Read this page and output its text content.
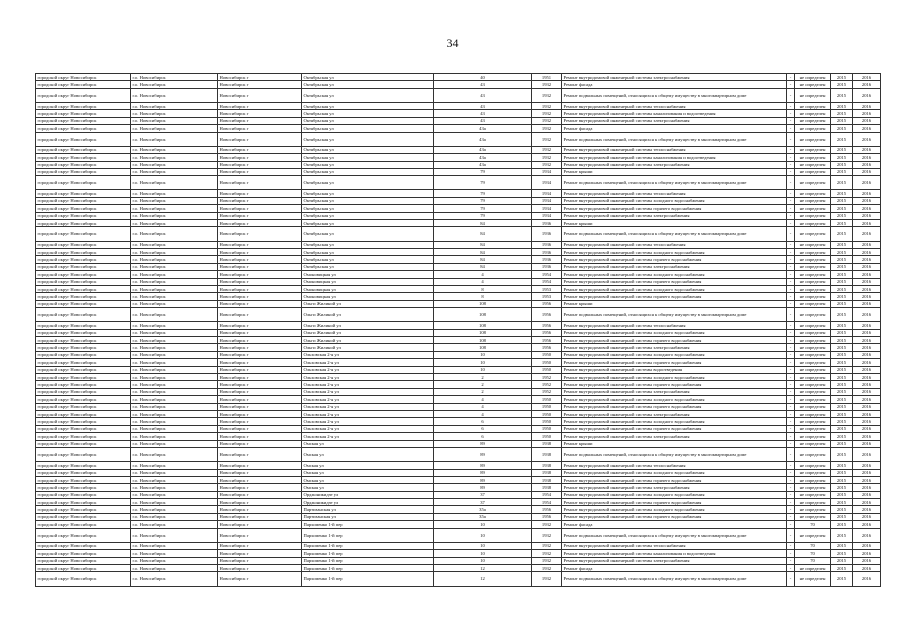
34
городской округ Новосибирск	г.о. Новосибирск	Новосибирск г	Октябрьская ул	40	1951	Ремонт внутридомовой инженерной системы электроснабжения	-	не определен	2015	2016
городской округ Новосибирск	г.о. Новосибирск	Новосибирск г	Октябрьская ул	43	1932	Ремонт фасада	-	не определен	2015	2016
городской округ Новосибирск	г.о. Новосибирск	Новосибирск г	Октябрьская ул	43	1932	Ремонт подвальных помещений, относящихся к общему имуществу в многоквартирном доме	-	не определен	2015	2016
городской округ Новосибирск	г.о. Новосибирск	Новосибирск г	Октябрьская ул	43	1932	Ремонт внутридомовой инженерной системы теплоснабжения	-	не определен	2015	2016
городской округ Новосибирск	г.о. Новосибирск	Новосибирск г	Октябрьская ул	43	1932	Ремонт внутридомовой инженерной системы канализования и водоотведения	-	не определен	2015	2016
городской округ Новосибирск	г.о. Новосибирск	Новосибирск г	Октябрьская ул	43	1932	Ремонт внутридомовой инженерной системы электроснабжения	-	не определен	2015	2016
городской округ Новосибирск	г.о. Новосибирск	Новосибирск г	Октябрьская ул	43а	1932	Ремонт фасада	-	не определен	2015	2016
городской округ Новосибирск	г.о. Новосибирск	Новосибирск г	Октябрьская ул	43а	1932	Ремонт подвальных помещений, относящихся к общему имуществу в многоквартирном доме	-	не определен	2015	2016
городской округ Новосибирск	г.о. Новосибирск	Новосибирск г	Октябрьская ул	43а	1932	Ремонт внутридомовой инженерной системы теплоснабжения	-	не определен	2015	2016
городской округ Новосибирск	г.о. Новосибирск	Новосибирск г	Октябрьская ул	43а	1932	Ремонт внутридомовой инженерной системы канализования и водоотведения	-	не определен	2015	2016
городской округ Новосибирск	г.о. Новосибирск	Новосибирск г	Октябрьская ул	43а	1932	Ремонт внутридомовой инженерной системы электроснабжения	-	не определен	2015	2016
городской округ Новосибирск	г.о. Новосибирск	Новосибирск г	Октябрьская ул	79	1934	Ремонт крыши	-	не определен	2015	2016
городской округ Новосибирск	г.о. Новосибирск	Новосибирск г	Октябрьская ул	79	1934	Ремонт подвальных помещений, относящихся к общему имуществу в многоквартирном доме	-	не определен	2015	2016
городской округ Новосибирск	г.о. Новосибирск	Новосибирск г	Октябрьская ул	79	1934	Ремонт внутридомовой инженерной системы теплоснабжения	-	не определен	2015	2016
городской округ Новосибирск	г.о. Новосибирск	Новосибирск г	Октябрьская ул	79	1934	Ремонт внутридомовой инженерной системы холодного водоснабжения	-	не определен	2015	2016
городской округ Новосибирск	г.о. Новосибирск	Новосибирск г	Октябрьская ул	79	1934	Ремонт внутридомовой инженерной системы горячего водоснабжения	-	не определен	2015	2016
городской округ Новосибирск	г.о. Новосибирск	Новосибирск г	Октябрьская ул	79	1934	Ремонт внутридомовой инженерной системы электроснабжения	-	не определен	2015	2016
городской округ Новосибирск	г.о. Новосибирск	Новосибирск г	Октябрьская ул	84	1936	Ремонт крыши	-	не определен	2015	2016
городской округ Новосибирск	г.о. Новосибирск	Новосибирск г	Октябрьская ул	84	1936	Ремонт подвальных помещений, относящихся к общему имуществу в многоквартирном доме	-	не определен	2015	2016
городской округ Новосибирск	г.о. Новосибирск	Новосибирск г	Октябрьская ул	84	1936	Ремонт внутридомовой инженерной системы теплоснабжения	-	не определен	2015	2016
городской округ Новосибирск	г.о. Новосибирск	Новосибирск г	Октябрьская ул	84	1936	Ремонт внутридомовой инженерной системы холодного водоснабжения	-	не определен	2015	2016
городской округ Новосибирск	г.о. Новосибирск	Новосибирск г	Октябрьская ул	84	1936	Ремонт внутридомовой инженерной системы горячего водоснабжения	-	не определен	2015	2016
городской округ Новосибирск	г.о. Новосибирск	Новосибирск г	Октябрьская ул	84	1936	Ремонт внутридомовой инженерной системы электроснабжения	-	не определен	2015	2016
городской округ Новосибирск	г.о. Новосибирск	Новосибирск г	Омоновицкая ул	4	1954	Ремонт внутридомовой инженерной системы холодного водоснабжения	-	не определен	2015	2016
городской округ Новосибирск	г.о. Новосибирск	Новосибирск г	Омоновицкая ул	4	1954	Ремонт внутридомовой инженерной системы горячего водоснабжения	-	не определен	2015	2016
городской округ Новосибирск	г.о. Новосибирск	Новосибирск г	Омоновицкая ул	8	1953	Ремонт внутридомовой инженерной системы холодного водоснабжения	-	не определен	2015	2016
городской округ Новосибирск	г.о. Новосибирск	Новосибирск г	Омоновицкая ул	8	1953	Ремонт внутридомовой инженерной системы горячего водоснабжения	-	не определен	2015	2016
городской округ Новосибирск	г.о. Новосибирск	Новосибирск г	Ольги Жилиной ул	108	1956	Ремонт крыши	-	не определен	2015	2016
городской округ Новосибирск	г.о. Новосибирск	Новосибирск г	Ольги Жилиной ул	108	1956	Ремонт подвальных помещений, относящихся к общему имуществу в многоквартирном доме	-	не определен	2015	2016
городской округ Новосибирск	г.о. Новосибирск	Новосибирск г	Ольги Жилиной ул	108	1956	Ремонт внутридомовой инженерной системы теплоснабжения	-	не определен	2015	2016
городской округ Новосибирск	г.о. Новосибирск	Новосибирск г	Ольги Жилиной ул	108	1956	Ремонт внутридомовой инженерной системы холодного водоснабжения	-	не определен	2015	2016
городской округ Новосибирск	г.о. Новосибирск	Новосибирск г	Ольги Жилиной ул	108	1956	Ремонт внутридомовой инженерной системы горячего водоснабжения	-	не определен	2015	2016
городской округ Новосибирск	г.о. Новосибирск	Новосибирск г	Ольги Жилиной ул	108	1956	Ремонт внутридомовой инженерной системы электроснабжения	-	не определен	2015	2016
городской округ Новосибирск	г.о. Новосибирск	Новосибирск г	Ольховская 2-я ул	10	1950	Ремонт внутридомовой инженерной системы холодного водоснабжения	-	не определен	2015	2016
городской округ Новосибирск	г.о. Новосибирск	Новосибирск г	Ольховская 2-я ул	10	1950	Ремонт внутридомовой инженерной системы горячего водоснабжения	-	не определен	2015	2016
городской округ Новосибирск	г.о. Новосибирск	Новосибирск г	Ольховская 2-я ул	10	1950	Ремонт внутридомовой инженерной системы водоотведения	-	не определен	2015	2016
городской округ Новосибирск	г.о. Новосибирск	Новосибирск г	Ольховская 2-я ул	2	1952	Ремонт внутридомовой инженерной системы холодного водоснабжения	-	не определен	2015	2016
городской округ Новосибирск	г.о. Новосибирск	Новосибирск г	Ольховская 2-я ул	2	1952	Ремонт внутридомовой инженерной системы горячего водоснабжения	-	не определен	2015	2016
городской округ Новосибирск	г.о. Новосибирск	Новосибирск г	Ольховская 2-я ул	2	1952	Ремонт внутридомовой инженерной системы электроснабжения	-	не определен	2015	2016
городской округ Новосибирск	г.о. Новосибирск	Новосибирск г	Ольховская 2-я ул	4	1950	Ремонт внутридомовой инженерной системы холодного водоснабжения	-	не определен	2015	2016
городской округ Новосибирск	г.о. Новосибирск	Новосибирск г	Ольховская 2-я ул	4	1950	Ремонт внутридомовой инженерной системы горячего водоснабжения	-	не определен	2015	2016
городской округ Новосибирск	г.о. Новосибирск	Новосибирск г	Ольховская 2-я ул	4	1950	Ремонт внутридомовой инженерной системы электроснабжения	-	не определен	2015	2016
городской округ Новосибирск	г.о. Новосибирск	Новосибирск г	Ольховская 2-я ул	6	1950	Ремонт внутридомовой инженерной системы холодного водоснабжения	-	не определен	2015	2016
городской округ Новосибирск	г.о. Новосибирск	Новосибирск г	Ольховская 2-я ул	6	1950	Ремонт внутридомовой инженерной системы горячего водоснабжения	-	не определен	2015	2016
городской округ Новосибирск	г.о. Новосибирск	Новосибирск г	Ольховская 2-я ул	6	1950	Ремонт внутридомовой инженерной системы электроснабжения	-	не определен	2015	2016
городской округ Новосибирск	г.о. Новосибирск	Новосибирск г	Омская ул	89	1938	Ремонт крыши	-	не определен	2015	2016
городской округ Новосибирск	г.о. Новосибирск	Новосибирск г	Омская ул	89	1938	Ремонт подвальных помещений, относящихся к общему имуществу в многоквартирном доме	-	не определен	2015	2016
городской округ Новосибирск	г.о. Новосибирск	Новосибирск г	Омская ул	89	1938	Ремонт внутридомовой инженерной системы теплоснабжения	-	не определен	2015	2016
городской округ Новосибирск	г.о. Новосибирск	Новосибирск г	Омская ул	89	1938	Ремонт внутридомовой инженерной системы холодного водоснабжения	-	не определен	2015	2016
городской округ Новосибирск	г.о. Новосибирск	Новосибирск г	Омская ул	89	1938	Ремонт внутридомовой инженерной системы горячего водоснабжения	-	не определен	2015	2016
городской округ Новосибирск	г.о. Новосибирск	Новосибирск г	Омская ул	89	1938	Ремонт внутридомовой инженерной системы электроснабжения	-	не определен	2015	2016
городской округ Новосибирск	г.о. Новосибирск	Новосибирск г	Орджоникидзе ул	37	1954	Ремонт внутридомовой инженерной системы холодного водоснабжения	-	не определен	2015	2016
городской округ Новосибирск	г.о. Новосибирск	Новосибирск г	Орджоникидзе ул	37	1954	Ремонт внутридомовой инженерной системы горячего водоснабжения	-	не определен	2015	2016
городской округ Новосибирск	г.о. Новосибирск	Новосибирск г	Партизанская ул	35а	1956	Ремонт внутридомовой инженерной системы холодного водоснабжения	-	не определен	2015	2016
городской округ Новосибирск	г.о. Новосибирск	Новосибирск г	Партизанская ул	35а	1956	Ремонт внутридомовой инженерной системы горячего водоснабжения	-	не определен	2015	2016
городской округ Новосибирск	г.о. Новосибирск	Новосибирск г	Пархоменко 1-й пер	10	1932	Ремонт фасада	-	70	2015	2016
городской округ Новосибирск	г.о. Новосибирск	Новосибирск г	Пархоменко 1-й пер	10	1932	Ремонт подвальных помещений, относящихся к общему имуществу в многоквартирном доме	-	не определен	2015	2016
городской округ Новосибирск	г.о. Новосибирск	Новосибирск г	Пархоменко 1-й пер	10	1932	Ремонт внутридомовой инженерной системы теплоснабжения	-	70	2015	2016
городской округ Новосибирск	г.о. Новосибирск	Новосибирск г	Пархоменко 1-й пер	10	1932	Ремонт внутридомовой инженерной системы канализования и водоотведения	-	70	2015	2016
городской округ Новосибирск	г.о. Новосибирск	Новосибирск г	Пархоменко 1-й пер	10	1932	Ремонт внутридомовой инженерной системы электроснабжения	-	70	2015	2016
городской округ Новосибирск	г.о. Новосибирск	Новосибирск г	Пархоменко 1-й пер	12	1932	Ремонт фасада	-	не определен	2015	2016
городской округ Новосибирск	г.о. Новосибирск	Новосибирск г	Пархоменко 1-й пер	12	1932	Ремонт подвальных помещений, относящихся к общему имуществу в многоквартирном доме	-	не определен	2015	2016
